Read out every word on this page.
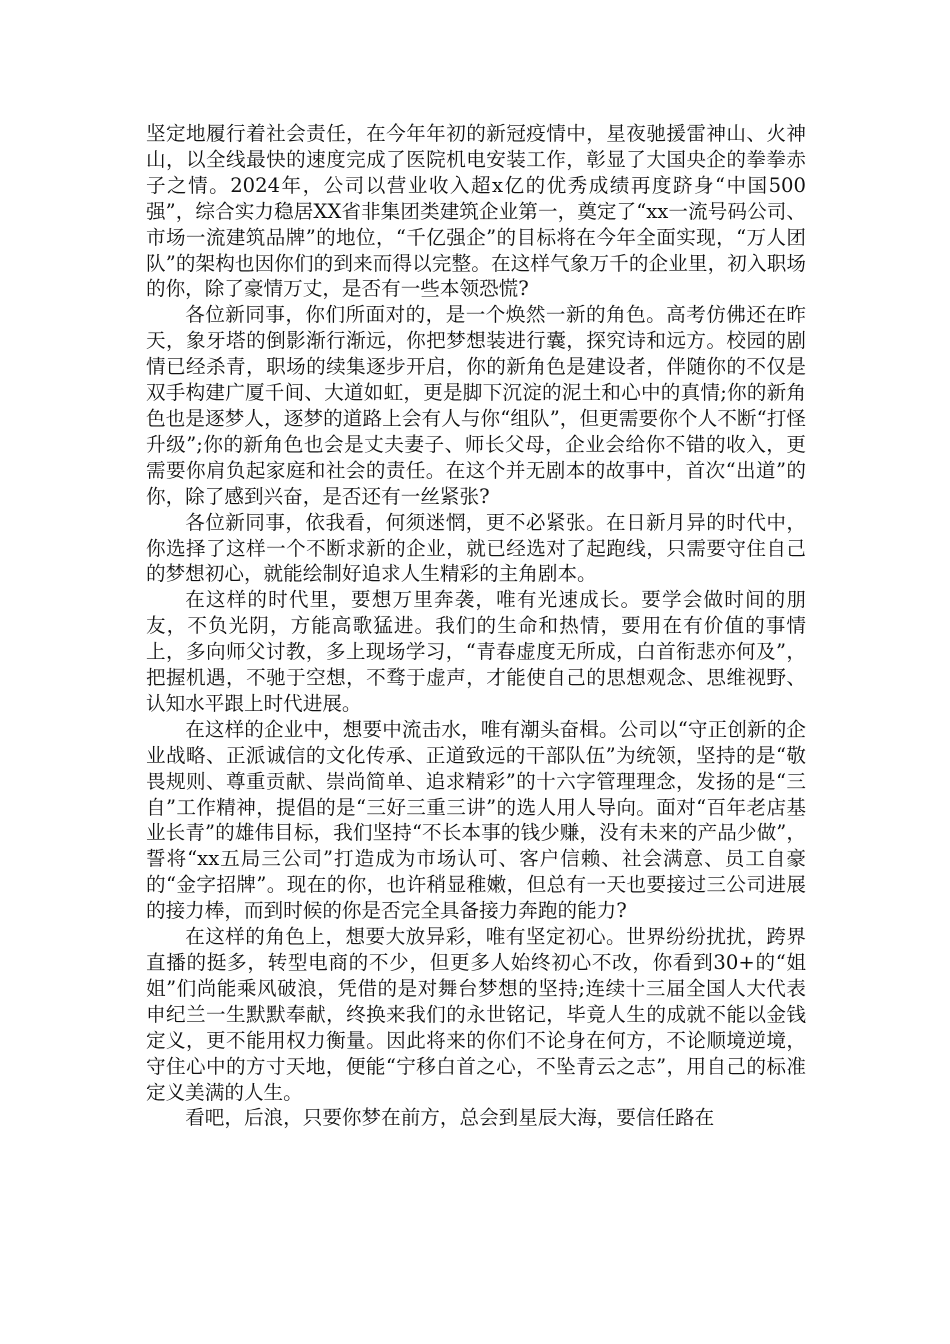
坚定地履行着社会责任，在今年年初的新冠疫情中，星夜驰援雷神山、火神山，以全线最快的速度完成了医院机电安装工作，彰显了大国央企的拳拳赤子之情。2024年，公司以营业收入超x亿的优秀成绩再度跻身“中国500强”，综合实力稳居XX省非集团类建筑企业第一，奠定了“xx一流号码公司、市场一流建筑品牌”的地位，“千亿强企”的目标将在今年全面实现，“万人团队”的架构也因你们的到来而得以完整。在这样气象万千的企业里，初入职场的你，除了豪情万丈，是否有一些本领恐慌?

各位新同事，你们所面对的，是一个焕然一新的角色。高考仿佛还在昨天，象牙塔的倒影渐行渐远，你把梦想装进行囊，探究诗和远方。校园的剧情已经杀青，职场的续集逐步开启，你的新角色是建设者，伴随你的不仅是双手构建广厦千间、大道如虹，更是脚下沉淀的泥土和心中的真情;你的新角色也是逐梦人，逐梦的道路上会有人与你“组队”，但更需要你个人不断“打怪升级”;你的新角色也会是丈夫妻子、师长父母，企业会给你不错的收入，更需要你肩负起家庭和社会的责任。在这个并无剧本的故事中，首次“出道”的你，除了感到兴奋，是否还有一丝紧张?

各位新同事，依我看，何须迷惘，更不必紧张。在日新月异的时代中，你选择了这样一个不断求新的企业，就已经选对了起跑线，只需要守住自己的梦想初心，就能绘制好追求人生精彩的主角剧本。

在这样的时代里，要想万里奔袭，唯有光速成长。要学会做时间的朋友，不负光阴，方能高歌猛进。我们的生命和热情，要用在有价值的事情上，多向师父讨教，多上现场学习，“青春虚度无所成，白首衔悲亦何及”，把握机遇，不驰于空想，不骛于虚声，才能使自己的思想观念、思维视野、认知水平跟上时代进展。

在这样的企业中，想要中流击水，唯有潮头奋楫。公司以“守正创新的企业战略、正派诚信的文化传承、正道致远的干部队伍”为统领，坚持的是“敬畏规则、尊重贡献、崇尚简单、追求精彩”的十六字管理理念，发扬的是“三自”工作精神，提倡的是“三好三重三讲”的选人用人导向。面对“百年老店基业长青”的雄伟目标，我们坚持“不长本事的钱少赚，没有未来的产品少做”，誓将“xx五局三公司”打造成为市场认可、客户信赖、社会满意、员工自豪的“金字招牌”。现在的你，也许稍显稚嫩，但总有一天也要接过三公司进展的接力棒，而到时候的你是否完全具备接力奔跑的能力?

在这样的角色上，想要大放异彩，唯有坚定初心。世界纷纷扰扰，跨界直播的挺多，转型电商的不少，但更多人始终初心不改，你看到30+的“姐姐”们尚能乘风破浪，凭借的是对舞台梦想的坚持;连续十三届全国人大代表申纪兰一生默默奉献，终换来我们的永世铭记，毕竟人生的成就不能以金钱定义，更不能用权力衡量。因此将来的你们不论身在何方，不论顺境逆境，守住心中的方寸天地，便能“宁移白首之心，不坠青云之志”，用自己的标准定义美满的人生。

看吧，后浪，只要你梦在前方，总会到星辰大海，要信任路在
